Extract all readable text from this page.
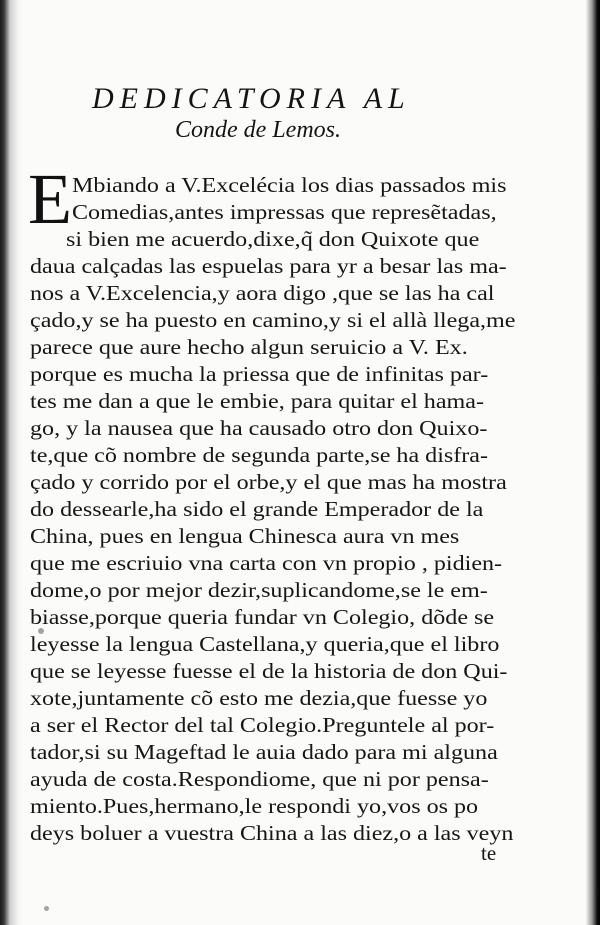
DEDICATORIA AL
Conde de Lemos.
E Mbiando a V.Excelécia los dias passados mis
Comedias,antes impressas que represẽtadas,
si bien me acuerdo,dixe,q̃ don Quixote que
daua calçadas las espuelas para yr a besar las ma-
nos a V.Excelencia,y aora digo ,que se las ha cal
çado,y se ha puesto en camino,y si el allà llega,me
parece que aure hecho algun seruicio a V. Ex.
porque es mucha la priessa que de infinitas par-
tes me dan a que le embie, para quitar el hama-
go, y la nausea que ha causado otro don Quixo-
te,que cõ nombre de segunda parte,se ha disfra-
çado y corrido por el orbe,y el que mas ha mostra
do dessearle,ha sido el grande Emperador de la
China, pues en lengua Chinesca aura vn mes
que me escriuio vna carta con vn propio , pidien-
dome,o por mejor dezir,suplicandome,se le em-
biasse,porque queria fundar vn Colegio, dõde se
leyesse la lengua Castellana,y queria,que el libro
que se leyesse fuesse el de la historia de don Qui-
xote,juntamente cõ esto me dezia,que fuesse yo
a ser el Rector del tal Colegio.Preguntele al por-
tador,si su Mageftad le auia dado para mi alguna
ayuda de costa.Respondiome, que ni por pensa-
miento.Pues,hermano,le respondi yo,vos os po
deys boluer a vuestra China a las diez,o a las veyn
te
